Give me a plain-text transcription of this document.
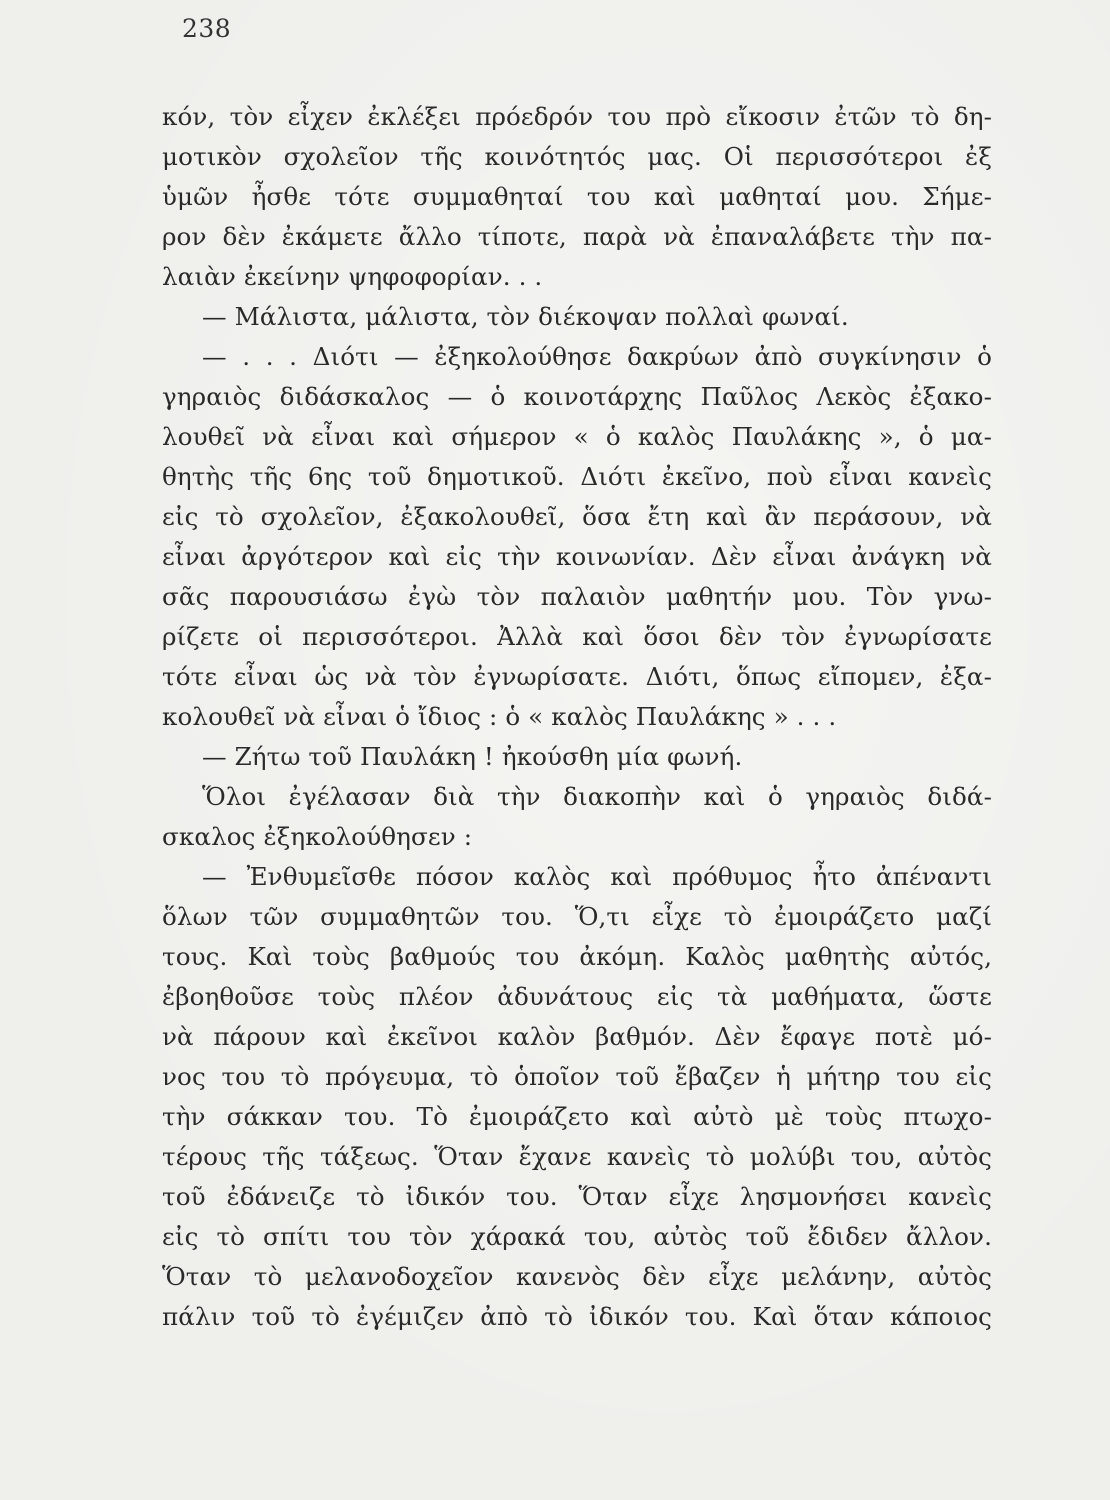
238
κόν, τὸν εἶχεν ἐκλέξει πρόεδρόν του πρὸ εἴκοσιν ἐτῶν τὸ δη-
μοτικὸν σχολεῖον τῆς κοινότητός μας. Οἱ περισσότεροι ἐξ
ὑμῶν ἦσθε τότε συμμαθηταί του καὶ μαθηταί μου. Σήμε-
ρον δὲν ἐκάμετε ἄλλο τίποτε, παρὰ νὰ ἐπαναλάβετε τὴν πα-
λαιὰν ἐκείνην ψηφοφορίαν. . .
— Μάλιστα, μάλιστα, τὸν διέκοψαν πολλαὶ φωναί.
— . . . Διότι — ἐξηκολούθησε δακρύων ἀπὸ συγκίνησιν ὁ
γηραιὸς διδάσκαλος — ὁ κοινοτάρχης Παῦλος Λεκὸς ἐξακο-
λουθεῖ νὰ εἶναι καὶ σήμερον « ὁ καλὸς Παυλάκης », ὁ μα-
θητὴς τῆς 6ης τοῦ δημοτικοῦ. Διότι ἐκεῖνο, ποὺ εἶναι κανεὶς
εἰς τὸ σχολεῖον, ἐξακολουθεῖ, ὅσα ἔτη καὶ ἂν περάσουν, νὰ
εἶναι ἀργότερον καὶ εἰς τὴν κοινωνίαν. Δὲν εἶναι ἀνάγκη νὰ
σᾶς παρουσιάσω ἐγὼ τὸν παλαιὸν μαθητήν μου. Τὸν γνω-
ρίζετε οἱ περισσότεροι. Ἀλλὰ καὶ ὅσοι δὲν τὸν ἐγνωρίσατε
τότε εἶναι ὡς νὰ τὸν ἐγνωρίσατε. Διότι, ὅπως εἴπομεν, ἐξα-
κολουθεῖ νὰ εἶναι ὁ ἴδιος : ὁ « καλὸς Παυλάκης » . . .
— Ζήτω τοῦ Παυλάκη ! ἠκούσθη μία φωνή.
Ὅλοι ἐγέλασαν διὰ τὴν διακοπὴν καὶ ὁ γηραιὸς διδά-
σκαλος ἐξηκολούθησεν :
— Ἐνθυμεῖσθε πόσον καλὸς καὶ πρόθυμος ἦτο ἀπέναντι
ὅλων τῶν συμμαθητῶν του. Ὅ,τι εἶχε τὸ ἐμοιράζετο μαζί
τους. Καὶ τοὺς βαθμούς του ἀκόμη. Καλὸς μαθητὴς αὐτός,
ἐβοηθοῦσε τοὺς πλέον ἀδυνάτους εἰς τὰ μαθήματα, ὥστε
νὰ πάρουν καὶ ἐκεῖνοι καλὸν βαθμόν. Δὲν ἔφαγε ποτὲ μό-
νος του τὸ πρόγευμα, τὸ ὁποῖον τοῦ ἔβαζεν ἡ μήτηρ του εἰς
τὴν σάκκαν του. Τὸ ἐμοιράζετο καὶ αὐτὸ μὲ τοὺς πτωχο-
τέρους τῆς τάξεως. Ὅταν ἔχανε κανεὶς τὸ μολύβι του, αὐτὸς
τοῦ ἐδάνειζε τὸ ἰδικόν του. Ὅταν εἶχε λησμονήσει κανεὶς
εἰς τὸ σπίτι του τὸν χάρακά του, αὐτὸς τοῦ ἔδιδεν ἄλλον.
Ὅταν τὸ μελανοδοχεῖον κανενὸς δὲν εἶχε μελάνην, αὐτὸς
πάλιν τοῦ τὸ ἐγέμιζεν ἀπὸ τὸ ἰδικόν του. Καὶ ὅταν κάποιος
